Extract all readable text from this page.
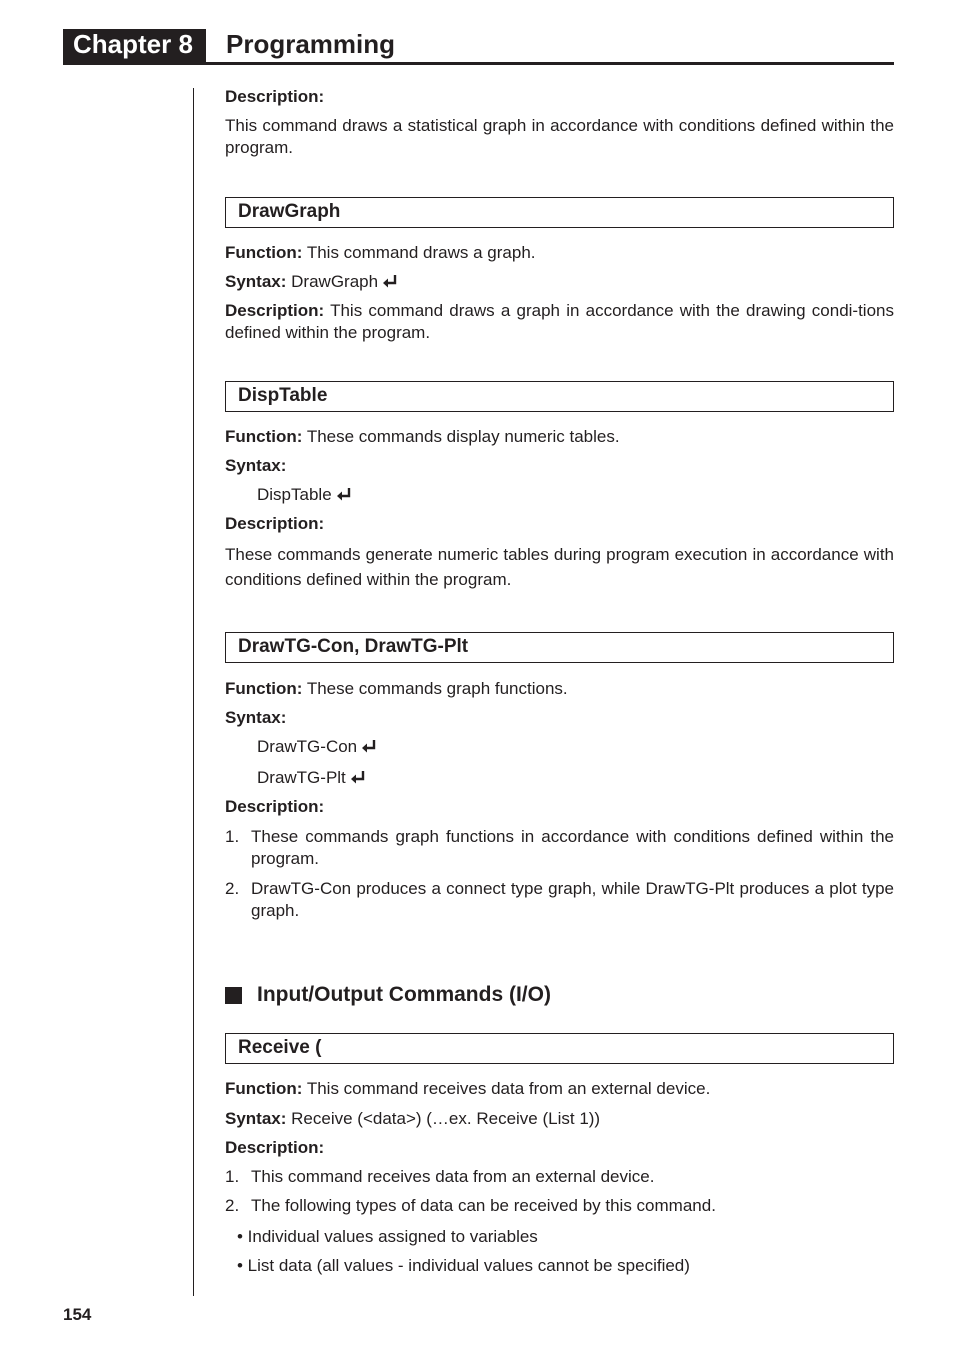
Chapter 8	Programming

Description:

This command draws a statistical graph in accordance with conditions defined within the program.

DrawGraph

Function: This command draws a graph.

Syntax: DrawGraph

Description: This command draws a graph in accordance with the drawing condi-tions defined within the program.

DispTable

Function: These commands display numeric tables.

Syntax:

DispTable

Description:

These commands generate numeric tables during program execution in accordance with conditions defined within the program.

DrawTG-Con, DrawTG-Plt

Function: These commands graph functions.

Syntax:

DrawTG-Con

DrawTG-Plt

Description:

1. These commands graph functions in accordance with conditions defined within the program.
2. DrawTG-Con produces a connect type graph, while DrawTG-Plt produces a plot type graph.
Input/Output Commands (I/O)
Receive (

Function: This command receives data from an external device.

Syntax: Receive (<data>) (…ex. Receive (List 1))

Description:

1. This command receives data from an external device.
2. The following types of data can be received by this command.
• Individual values assigned to variables
• List data (all values - individual values cannot be specified)
154
